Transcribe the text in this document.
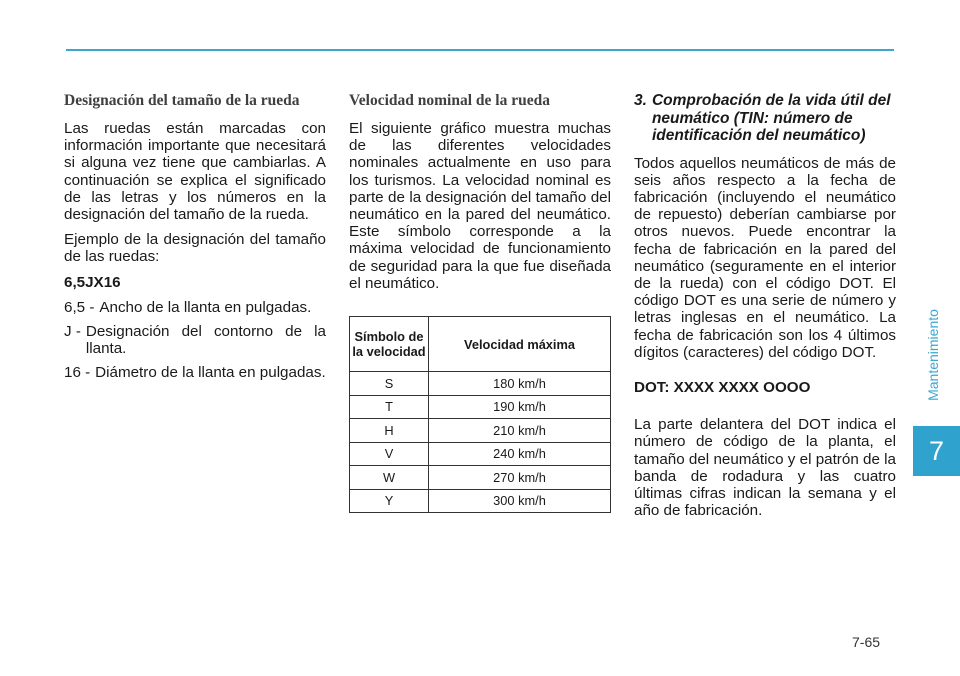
Designación del tamaño de la rueda

Las ruedas están marcadas con información importante que necesitará si alguna vez tiene que cambiarlas. A continuación se explica el significado de las letras y los números en la designación del tamaño de la rueda.

Ejemplo de la designación del tamaño de las ruedas:

6,5JX16

6,5 - Ancho de la llanta en pulgadas.
J - Designación del contorno de la llanta.
16 - Diámetro de la llanta en pulgadas.
Velocidad nominal de la rueda

El siguiente gráfico muestra muchas de las diferentes velocidades nominales actualmente en uso para los turismos. La velocidad nominal es parte de la designación del tamaño del neumático en la pared del neumático. Este símbolo corresponde a la máxima velocidad de funcionamiento de seguridad para la que fue diseñada el neumático.

Símbolo de la velocidad	Velocidad máxima
S	180 km/h
T	190 km/h
H	210 km/h
V	240 km/h
W	270 km/h
Y	300 km/h
3. Comprobación de la vida útil del neumático (TIN: número de identificación del neumático)

Todos aquellos neumáticos de más de seis años respecto a la fecha de fabricación (incluyendo el neumático de repuesto) deberían cambiarse por otros nuevos. Puede encontrar la fecha de fabricación en la pared del neumático (seguramente en el interior de la rueda) con el código DOT. El código DOT es una serie de número y letras inglesas en el neumático. La fecha de fabricación son los 4 últimos dígitos (caracteres) del código DOT.

DOT: XXXX XXXX OOOO

La parte delantera del DOT indica el número de código de la planta, el tamaño del neumático y el patrón de la banda de rodadura y las cuatro últimas cifras indican la semana y el año de fabricación.

Mantenimiento
7
7-65
